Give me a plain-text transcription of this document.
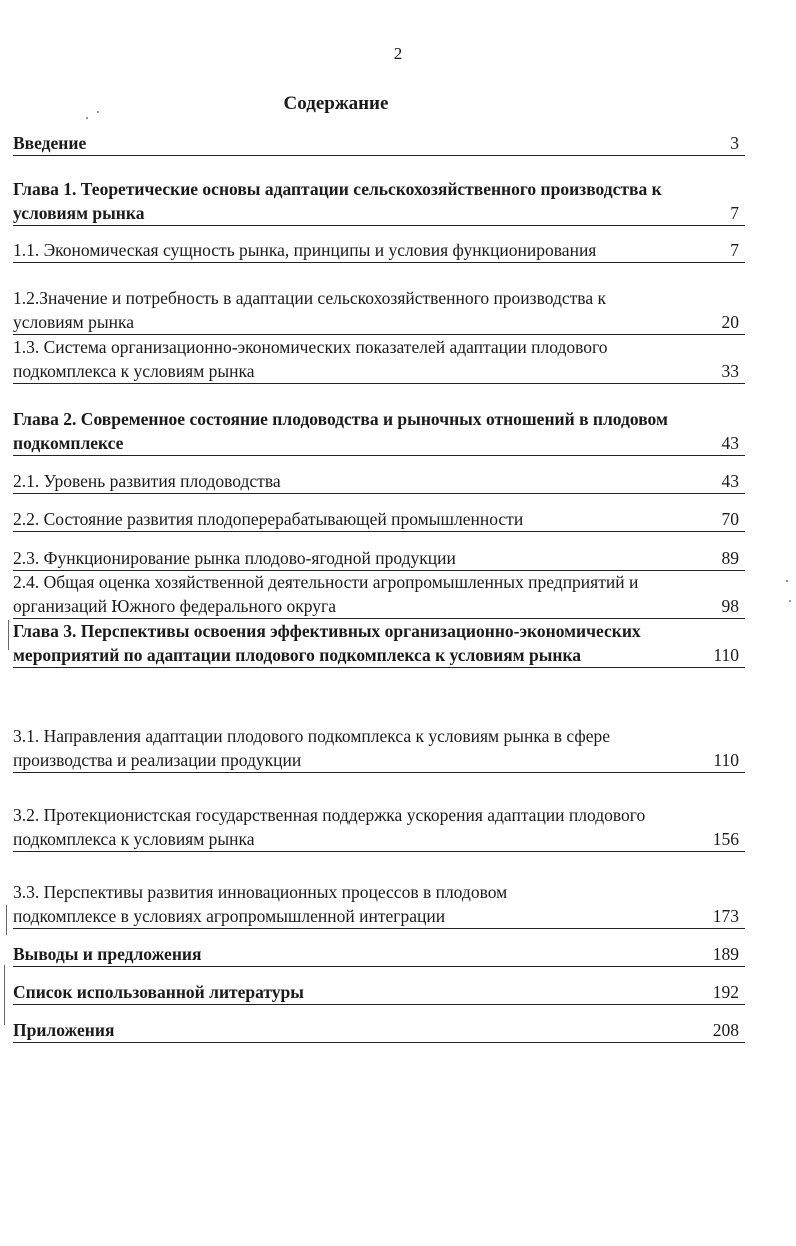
2
Содержание
Введение	3
Глава 1. Теоретические основы адаптации сельскохозяйственного производства к условиям рынка	7
1.1. Экономическая сущность рынка, принципы и условия функционирования	7
1.2.Значение и потребность в адаптации сельскохозяйственного производства к условиям рынка	20
1.3. Система организационно-экономических показателей адаптации плодового подкомплекса к условиям рынка	33
Глава 2. Современное состояние плодоводства и рыночных отношений в плодовом подкомплексе	43
2.1. Уровень развития плодоводства	43
2.2. Состояние развития плодоперерабатывающей промышленности	70
2.3. Функционирование рынка плодово-ягодной продукции	89
2.4. Общая оценка хозяйственной деятельности агропромышленных предприятий и организаций Южного федерального округа	98
Глава 3. Перспективы освоения эффективных организационно-экономических мероприятий по адаптации плодового подкомплекса к условиям рынка	110
3.1. Направления адаптации плодового подкомплекса к условиям рынка в сфере производства и реализации продукции	110
3.2. Протекционистская государственная поддержка ускорения адаптации плодового подкомплекса к условиям рынка	156
3.3. Перспективы развития инновационных процессов в плодовом подкомплексе в условиях агропромышленной интеграции	173
Выводы и предложения	189
Список использованной литературы	192
Приложения	208
